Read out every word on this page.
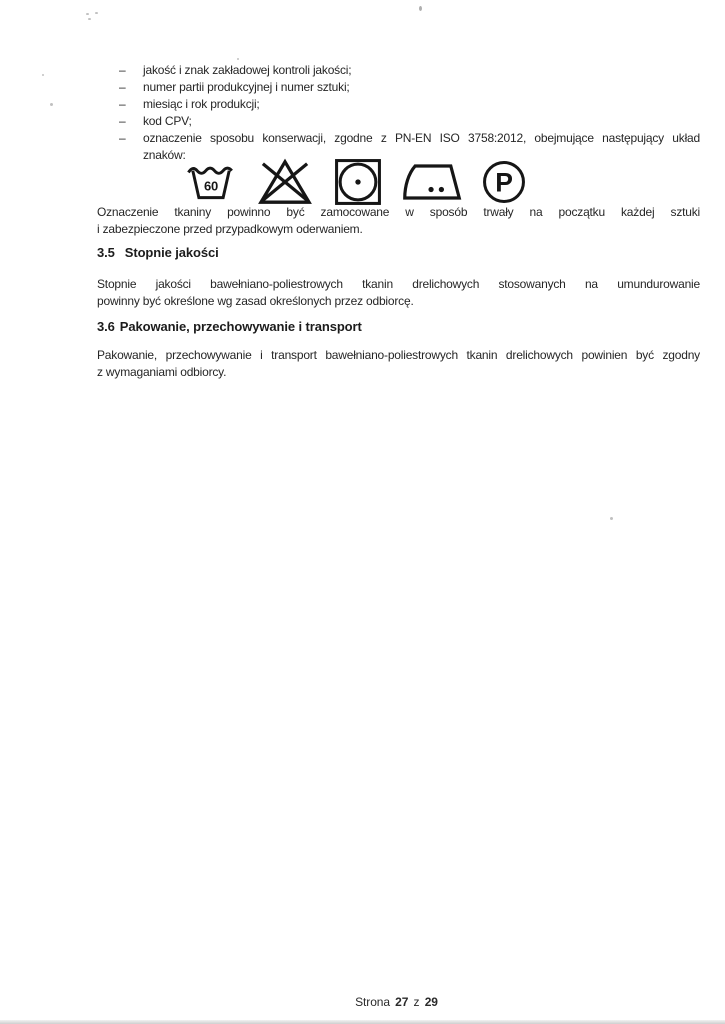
– jakość i znak zakładowej kontroli jakości;
– numer partii produkcyjnej i numer sztuki;
– miesiąc i rok produkcji;
– kod CPV;
– oznaczenie sposobu konserwacji, zgodne z PN-EN ISO 3758:2012, obejmujące następujący układ
znaków:
60	P
Oznaczenie tkaniny powinno być zamocowane w sposób trwały na początku każdej sztuki
i zabezpieczone przed przypadkowym oderwaniem.
3.5 Stopnie jakości
Stopnie jakości bawełniano-poliestrowych tkanin drelichowych stosowanych na umundurowanie
powinny być określone wg zasad określonych przez odbiorcę.
3.6 Pakowanie, przechowywanie i transport
Pakowanie, przechowywanie i transport bawełniano-poliestrowych tkanin drelichowych powinien być zgodny
z wymaganiami odbiorcy.
Strona 27 z 29
